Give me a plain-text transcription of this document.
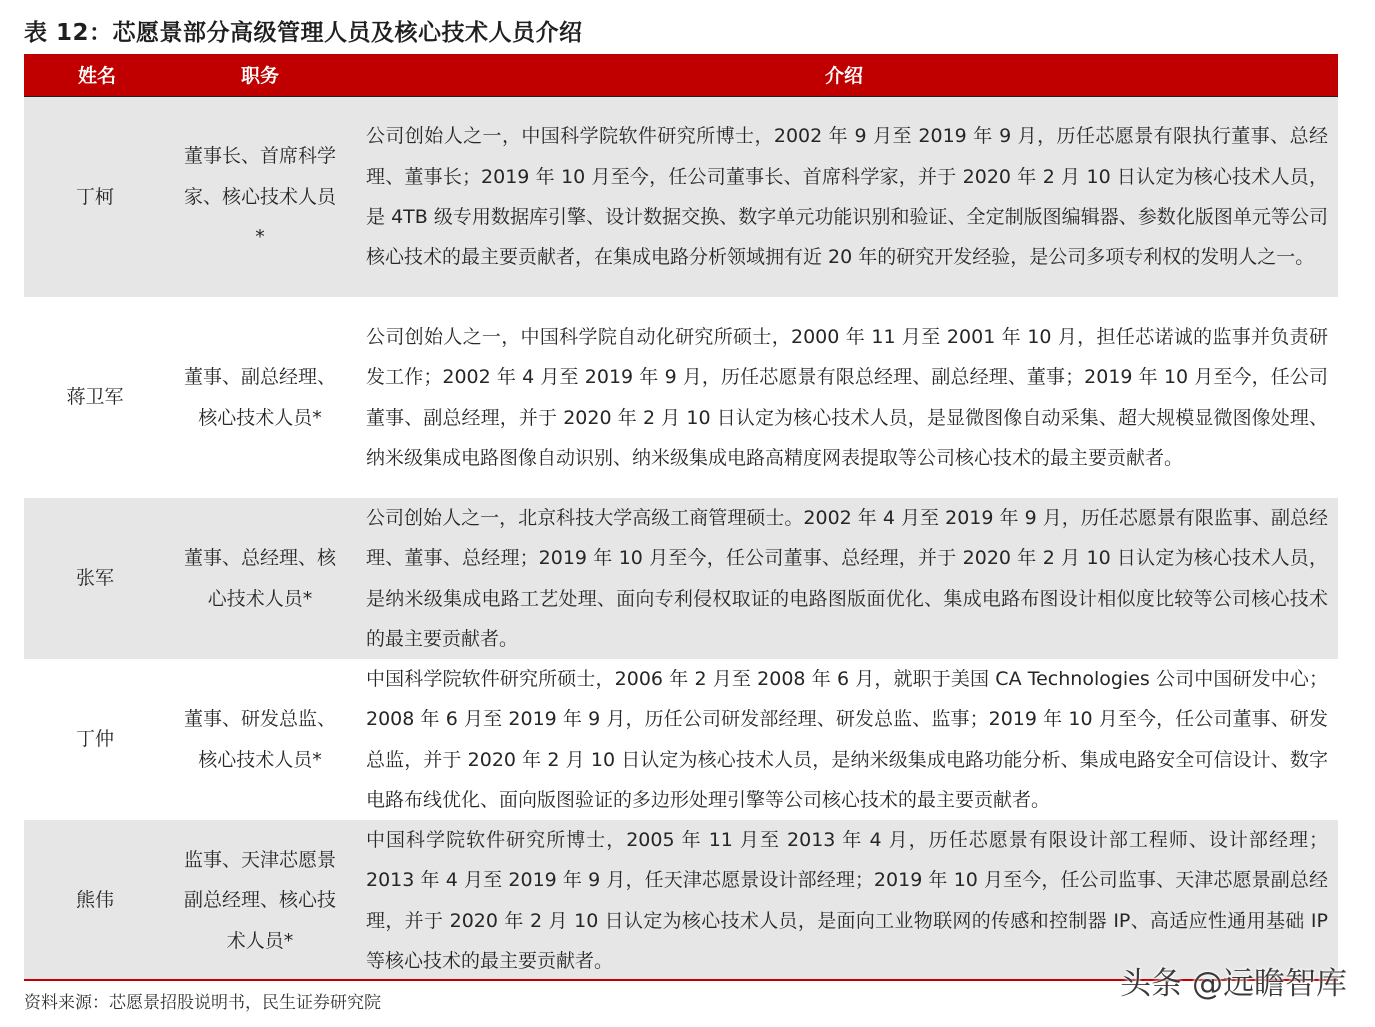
表 12：芯愿景部分高级管理人员及核心技术人员介绍
姓名	职务	介绍
丁柯	董事长、首席科学家、核心技术人员*	公司创始人之一，中国科学院软件研究所博士，2002 年 9 月至 2019 年 9 月，历任芯愿景有限执行董事、总经理、董事长；2019 年 10 月至今，任公司董事长、首席科学家，并于 2020 年 2 月 10 日认定为核心技术人员，是 4TB 级专用数据库引擎、设计数据交换、数字单元功能识别和验证、全定制版图编辑器、参数化版图单元等公司核心技术的最主要贡献者，在集成电路分析领域拥有近 20 年的研究开发经验，是公司多项专利权的发明人之一。
蒋卫军	董事、副总经理、核心技术人员*	公司创始人之一，中国科学院自动化研究所硕士，2000 年 11 月至 2001 年 10 月，担任芯诺诚的监事并负责研发工作；2002 年 4 月至 2019 年 9 月，历任芯愿景有限总经理、副总经理、董事；2019 年 10 月至今，任公司董事、副总经理，并于 2020 年 2 月 10 日认定为核心技术人员，是显微图像自动采集、超大规模显微图像处理、纳米级集成电路图像自动识别、纳米级集成电路高精度网表提取等公司核心技术的最主要贡献者。
张军	董事、总经理、核心技术人员*	公司创始人之一，北京科技大学高级工商管理硕士。2002 年 4 月至 2019 年 9 月，历任芯愿景有限监事、副总经理、董事、总经理；2019 年 10 月至今，任公司董事、总经理，并于 2020 年 2 月 10 日认定为核心技术人员，是纳米级集成电路工艺处理、面向专利侵权取证的电路图版面优化、集成电路布图设计相似度比较等公司核心技术的最主要贡献者。
丁仲	董事、研发总监、核心技术人员*	中国科学院软件研究所硕士，2006 年 2 月至 2008 年 6 月，就职于美国 CA Technologies 公司中国研发中心；2008 年 6 月至 2019 年 9 月，历任公司研发部经理、研发总监、监事；2019 年 10 月至今，任公司董事、研发总监，并于 2020 年 2 月 10 日认定为核心技术人员，是纳米级集成电路功能分析、集成电路安全可信设计、数字电路布线优化、面向版图验证的多边形处理引擎等公司核心技术的最主要贡献者。
熊伟	监事、天津芯愿景副总经理、核心技术人员*	中国科学院软件研究所博士，2005 年 11 月至 2013 年 4 月，历任芯愿景有限设计部工程师、设计部经理；2013 年 4 月至 2019 年 9 月，任天津芯愿景设计部经理；2019 年 10 月至今，任公司监事、天津芯愿景副总经理，并于 2020 年 2 月 10 日认定为核心技术人员，是面向工业物联网的传感和控制器 IP、高适应性通用基础 IP 等核心技术的最主要贡献者。
资料来源：芯愿景招股说明书，民生证券研究院
头条 @远瞻智库
